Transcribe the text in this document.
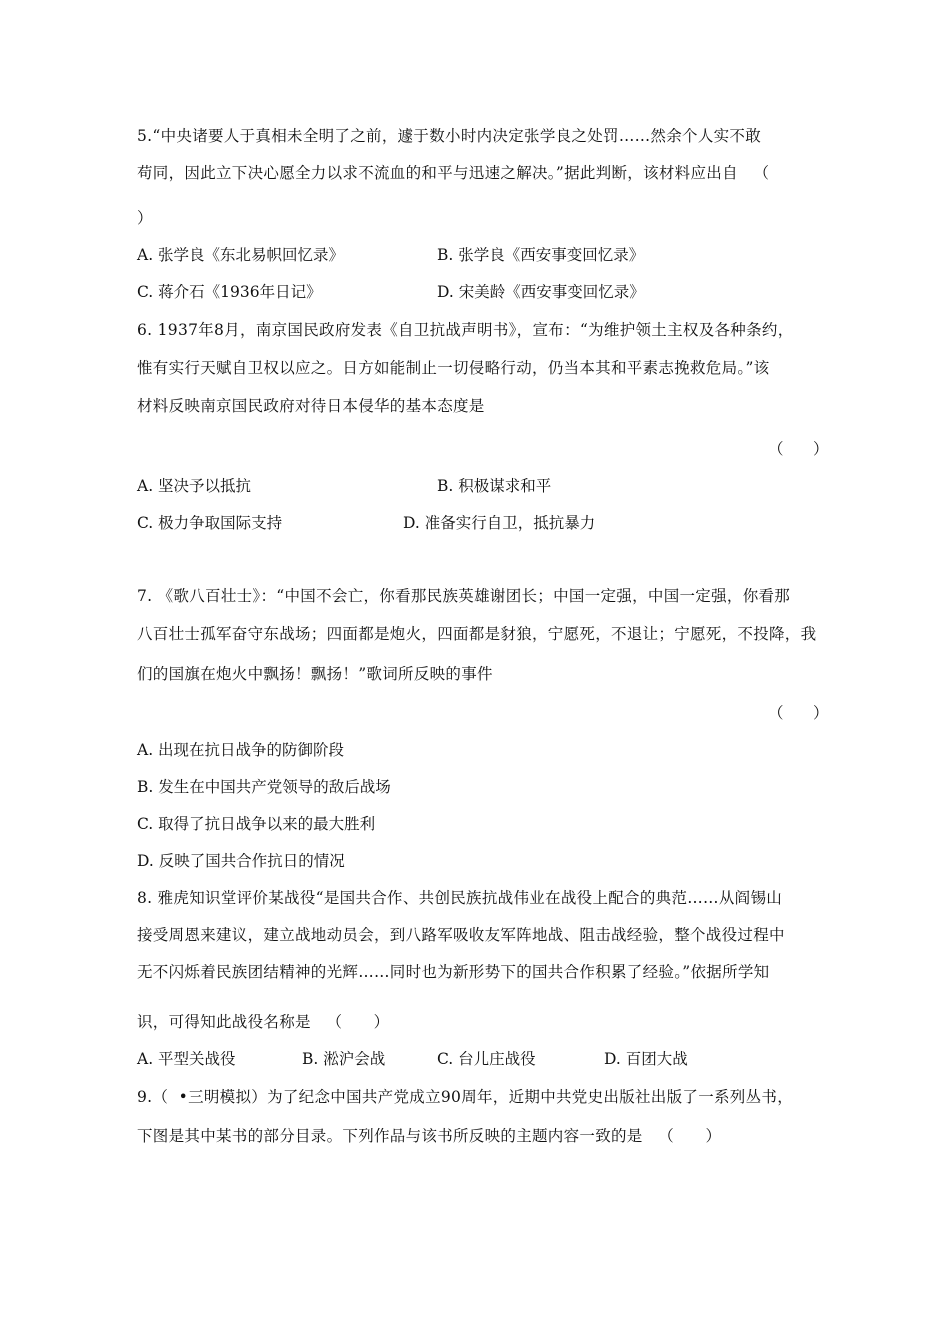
5.“中央诸要人于真相未全明了之前，遽于数小时内决定张学良之处罚……然余个人实不敢
苟同，因此立下决心愿全力以求不流血的和平与迅速之解决。”据此判断，该材料应出自   （
）
A. 张学良《东北易帜回忆录》	B. 张学良《西安事变回忆录》
C. 蒋介石《1936年日记》	D. 宋美龄《西安事变回忆录》
6. 1937年8月，南京国民政府发表《自卫抗战声明书》，宣布：“为维护领土主权及各种条约，
惟有实行天赋自卫权以应之。日方如能制止一切侵略行动，仍当本其和平素志挽救危局。”该
材料反映南京国民政府对待日本侵华的基本态度是
（      ）
A. 坚决予以抵抗	B. 积极谋求和平
C. 极力争取国际支持	D. 准备实行自卫，抵抗暴力
7. 《歌八百壮士》：“中国不会亡，你看那民族英雄谢团长；中国一定强，中国一定强，你看那
八百壮士孤军奋守东战场；四面都是炮火，四面都是豺狼，宁愿死，不退让；宁愿死，不投降，我
们的国旗在炮火中飘扬！飘扬！”歌词所反映的事件
（      ）
A. 出现在抗日战争的防御阶段
B. 发生在中国共产党领导的敌后战场
C. 取得了抗日战争以来的最大胜利
D. 反映了国共合作抗日的情况
8. 雅虎知识堂评价某战役“是国共合作、共创民族抗战伟业在战役上配合的典范……从阎锡山
接受周恩来建议，建立战地动员会，到八路军吸收友军阵地战、阻击战经验，整个战役过程中
无不闪烁着民族团结精神的光辉……同时也为新形势下的国共合作积累了经验。”依据所学知
识，可得知此战役名称是   （      ）
A. 平型关战役	B. 淞沪会战	C. 台儿庄战役	D. 百团大战
9.（  •三明模拟）为了纪念中国共产党成立90周年，近期中共党史出版社出版了一系列丛书，
下图是其中某书的部分目录。下列作品与该书所反映的主题内容一致的是   （      ）
